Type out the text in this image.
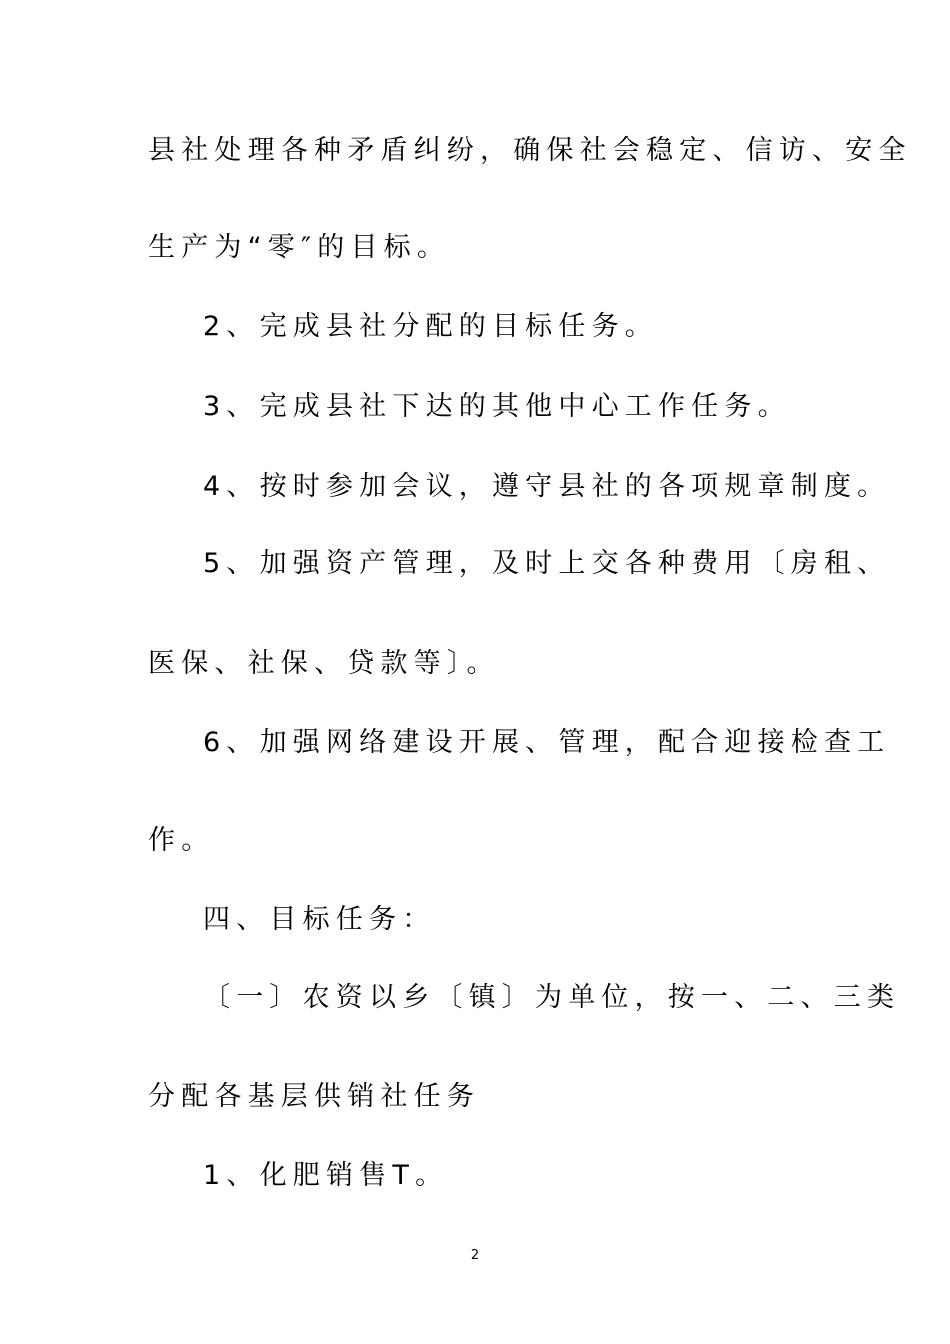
县社处理各种矛盾纠纷，确保社会稳定、信访、安全
生产为“零″的目标。
2、完成县社分配的目标任务。
3、完成县社下达的其他中心工作任务。
4、按时参加会议，遵守县社的各项规章制度。
5、加强资产管理，及时上交各种费用〔房租、
医保、社保、贷款等〕。
6、加强网络建设开展、管理，配合迎接检查工
作。
四、目标任务：
〔一〕农资以乡〔镇〕为单位，按一、二、三类
分配各基层供销社任务
1、化肥销售T。
2
